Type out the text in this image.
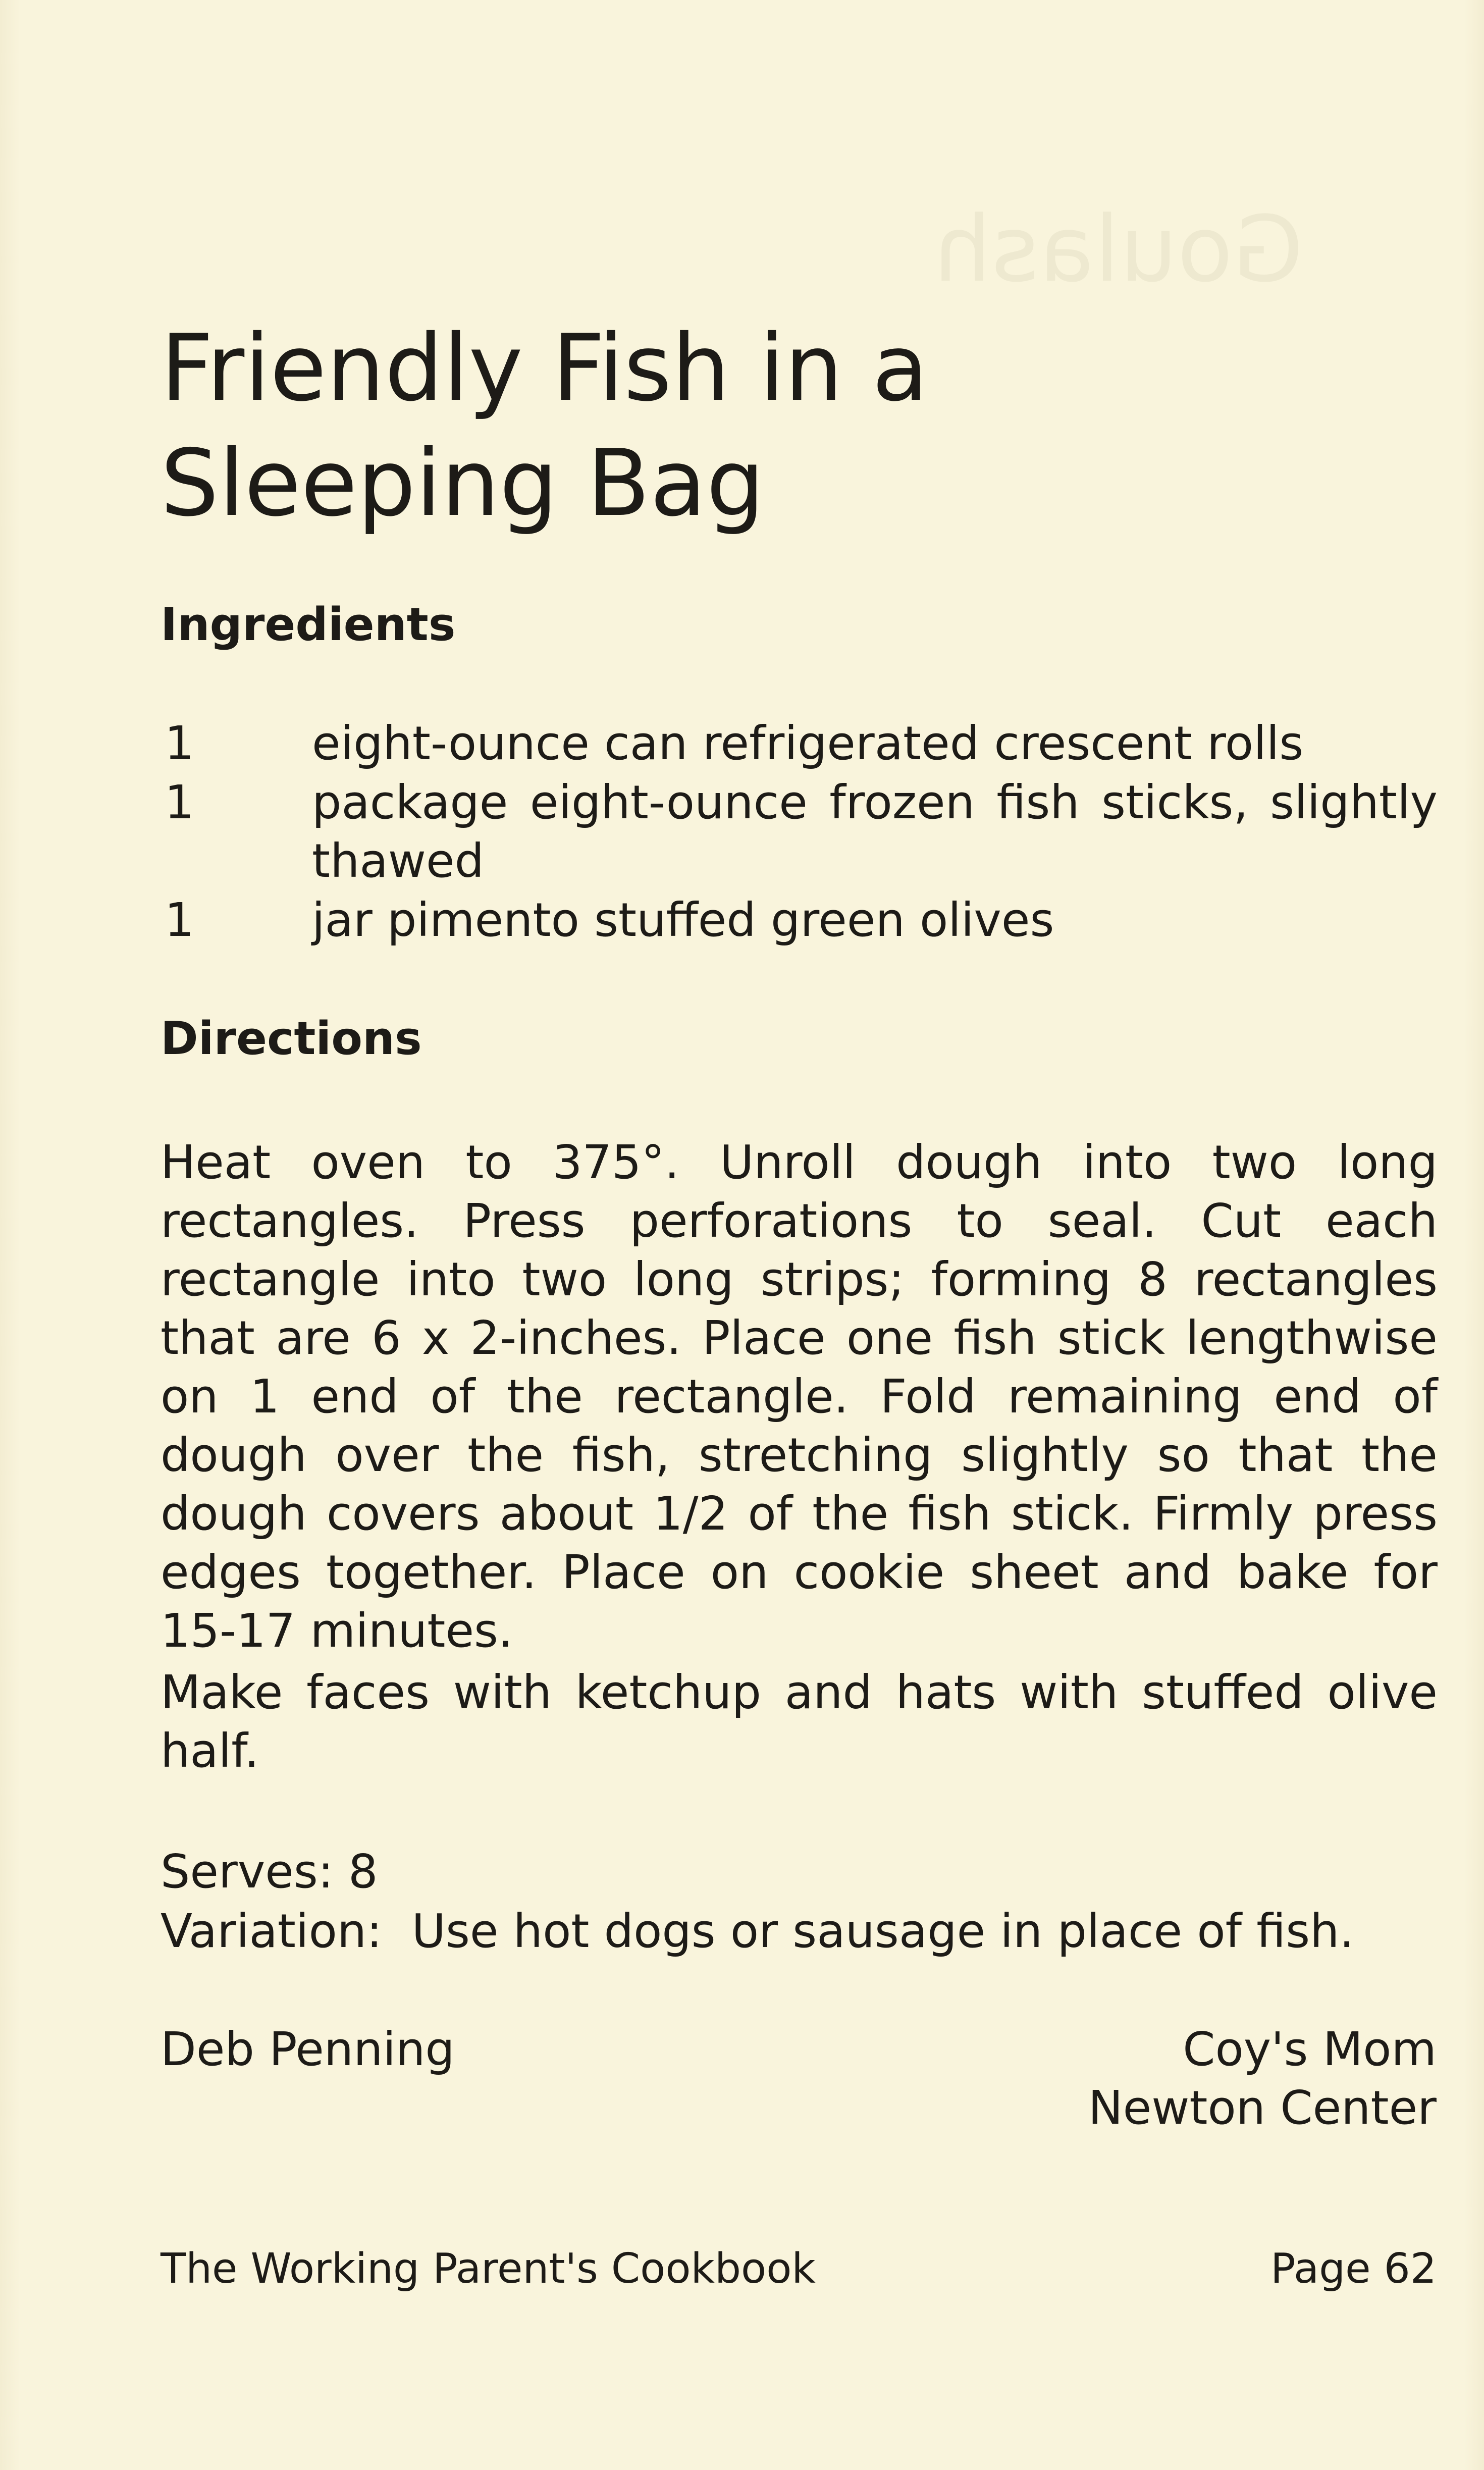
Goulash
Friendly Fish in a
Sleeping Bag
Ingredients
1	eight-ounce can refrigerated crescent rolls
1	package eight-ounce frozen fish sticks, slightly thawed
1	jar pimento stuffed green olives
Directions

Heat oven to 375°. Unroll dough into two long rectangles. Press perforations to seal. Cut each rectangle into two long strips; forming 8 rectangles that are 6 x 2-inches. Place one fish stick lengthwise on 1 end of the rectangle. Fold remaining end of dough over the fish, stretching slightly so that the dough covers about 1/2 of the fish stick. Firmly press edges together. Place on cookie sheet and bake for 15-17 minutes.

Make faces with ketchup and hats with stuffed olive half.

Serves: 8

Variation:  Use hot dogs or sausage in place of fish.

Deb Penning	Coy's Mom

Newton Center

The Working Parent's Cookbook	Page 62
